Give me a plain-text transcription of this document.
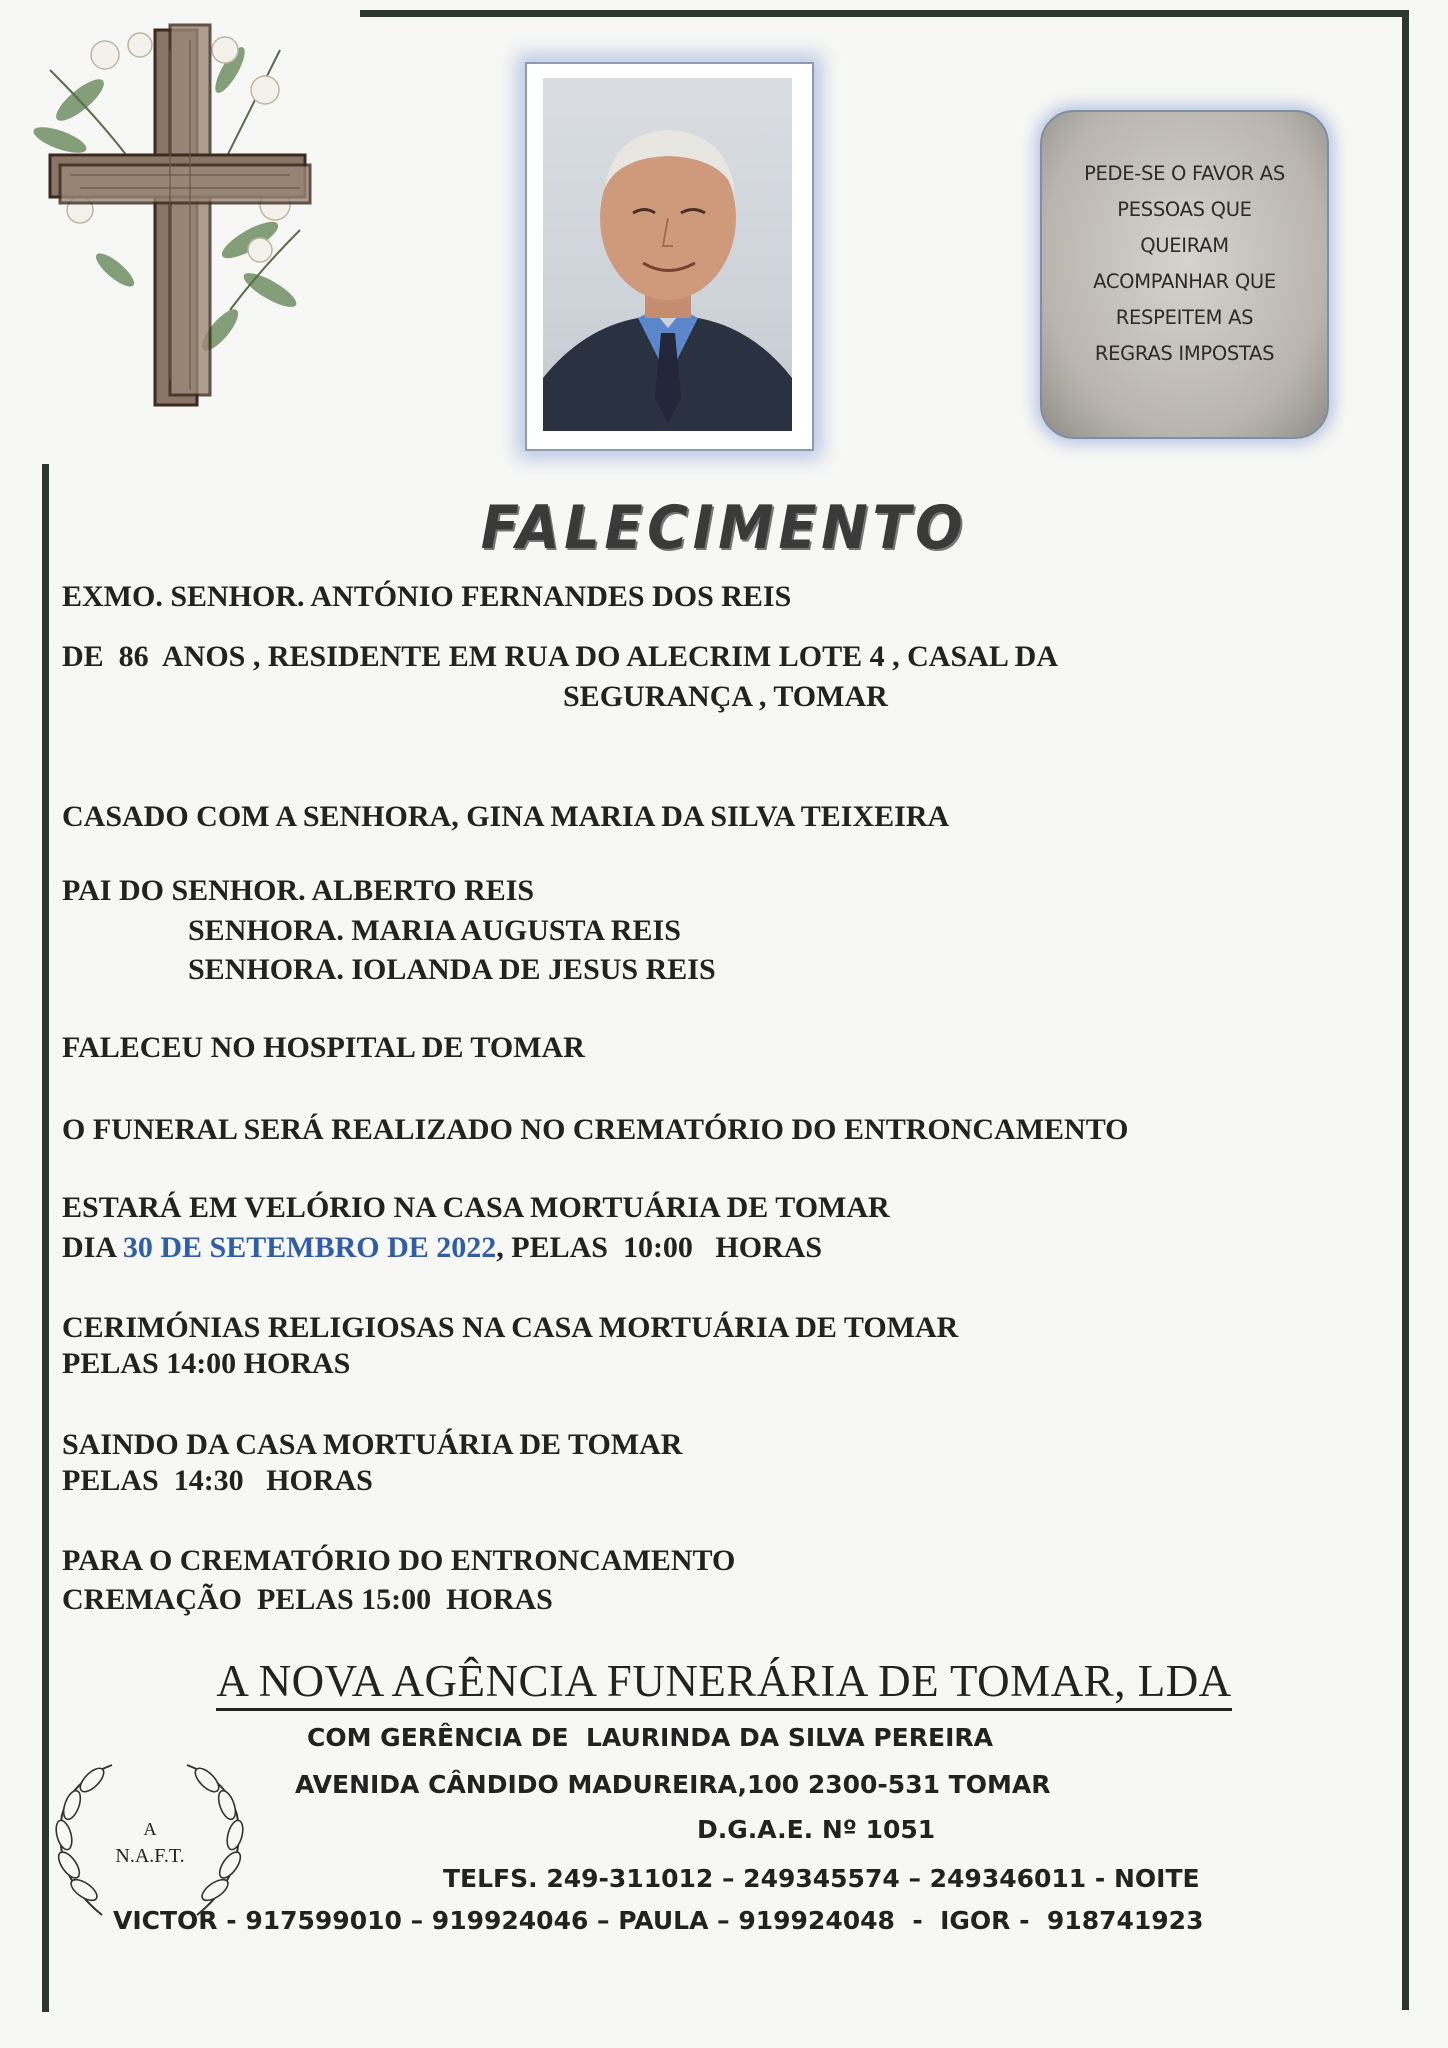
PEDE-SE O FAVOR AS
PESSOAS QUE
QUEIRAM
ACOMPANHAR QUE
RESPEITEM AS
REGRAS IMPOSTAS
FALECIMENTO
EXMO. SENHOR. ANTÓNIO FERNANDES DOS REIS
DE  86  ANOS , RESIDENTE EM RUA DO ALECRIM LOTE 4 , CASAL DA
SEGURANÇA , TOMAR
CASADO COM A SENHORA, GINA MARIA DA SILVA TEIXEIRA
PAI DO SENHOR. ALBERTO REIS
SENHORA. MARIA AUGUSTA REIS
SENHORA. IOLANDA DE JESUS REIS
FALECEU NO HOSPITAL DE TOMAR
O FUNERAL SERÁ REALIZADO NO CREMATÓRIO DO ENTRONCAMENTO
ESTARÁ EM VELÓRIO NA CASA MORTUÁRIA DE TOMAR
DIA 30 DE SETEMBRO DE 2022, PELAS  10:00   HORAS
CERIMÓNIAS RELIGIOSAS NA CASA MORTUÁRIA DE TOMAR
PELAS 14:00 HORAS
SAINDO DA CASA MORTUÁRIA DE TOMAR
PELAS  14:30   HORAS
PARA O CREMATÓRIO DO ENTRONCAMENTO
CREMAÇÃO  PELAS 15:00  HORAS
A NOVA AGÊNCIA FUNERÁRIA DE TOMAR, LDA
COM GERÊNCIA DE  LAURINDA DA SILVA PEREIRA
AVENIDA CÂNDIDO MADUREIRA,100 2300-531 TOMAR
D.G.A.E. Nº 1051
TELFS. 249-311012 – 249345574 – 249346011 - NOITE
VICTOR - 917599010 – 919924046 – PAULA – 919924048  -  IGOR -  918741923
A
N.A.F.T.
